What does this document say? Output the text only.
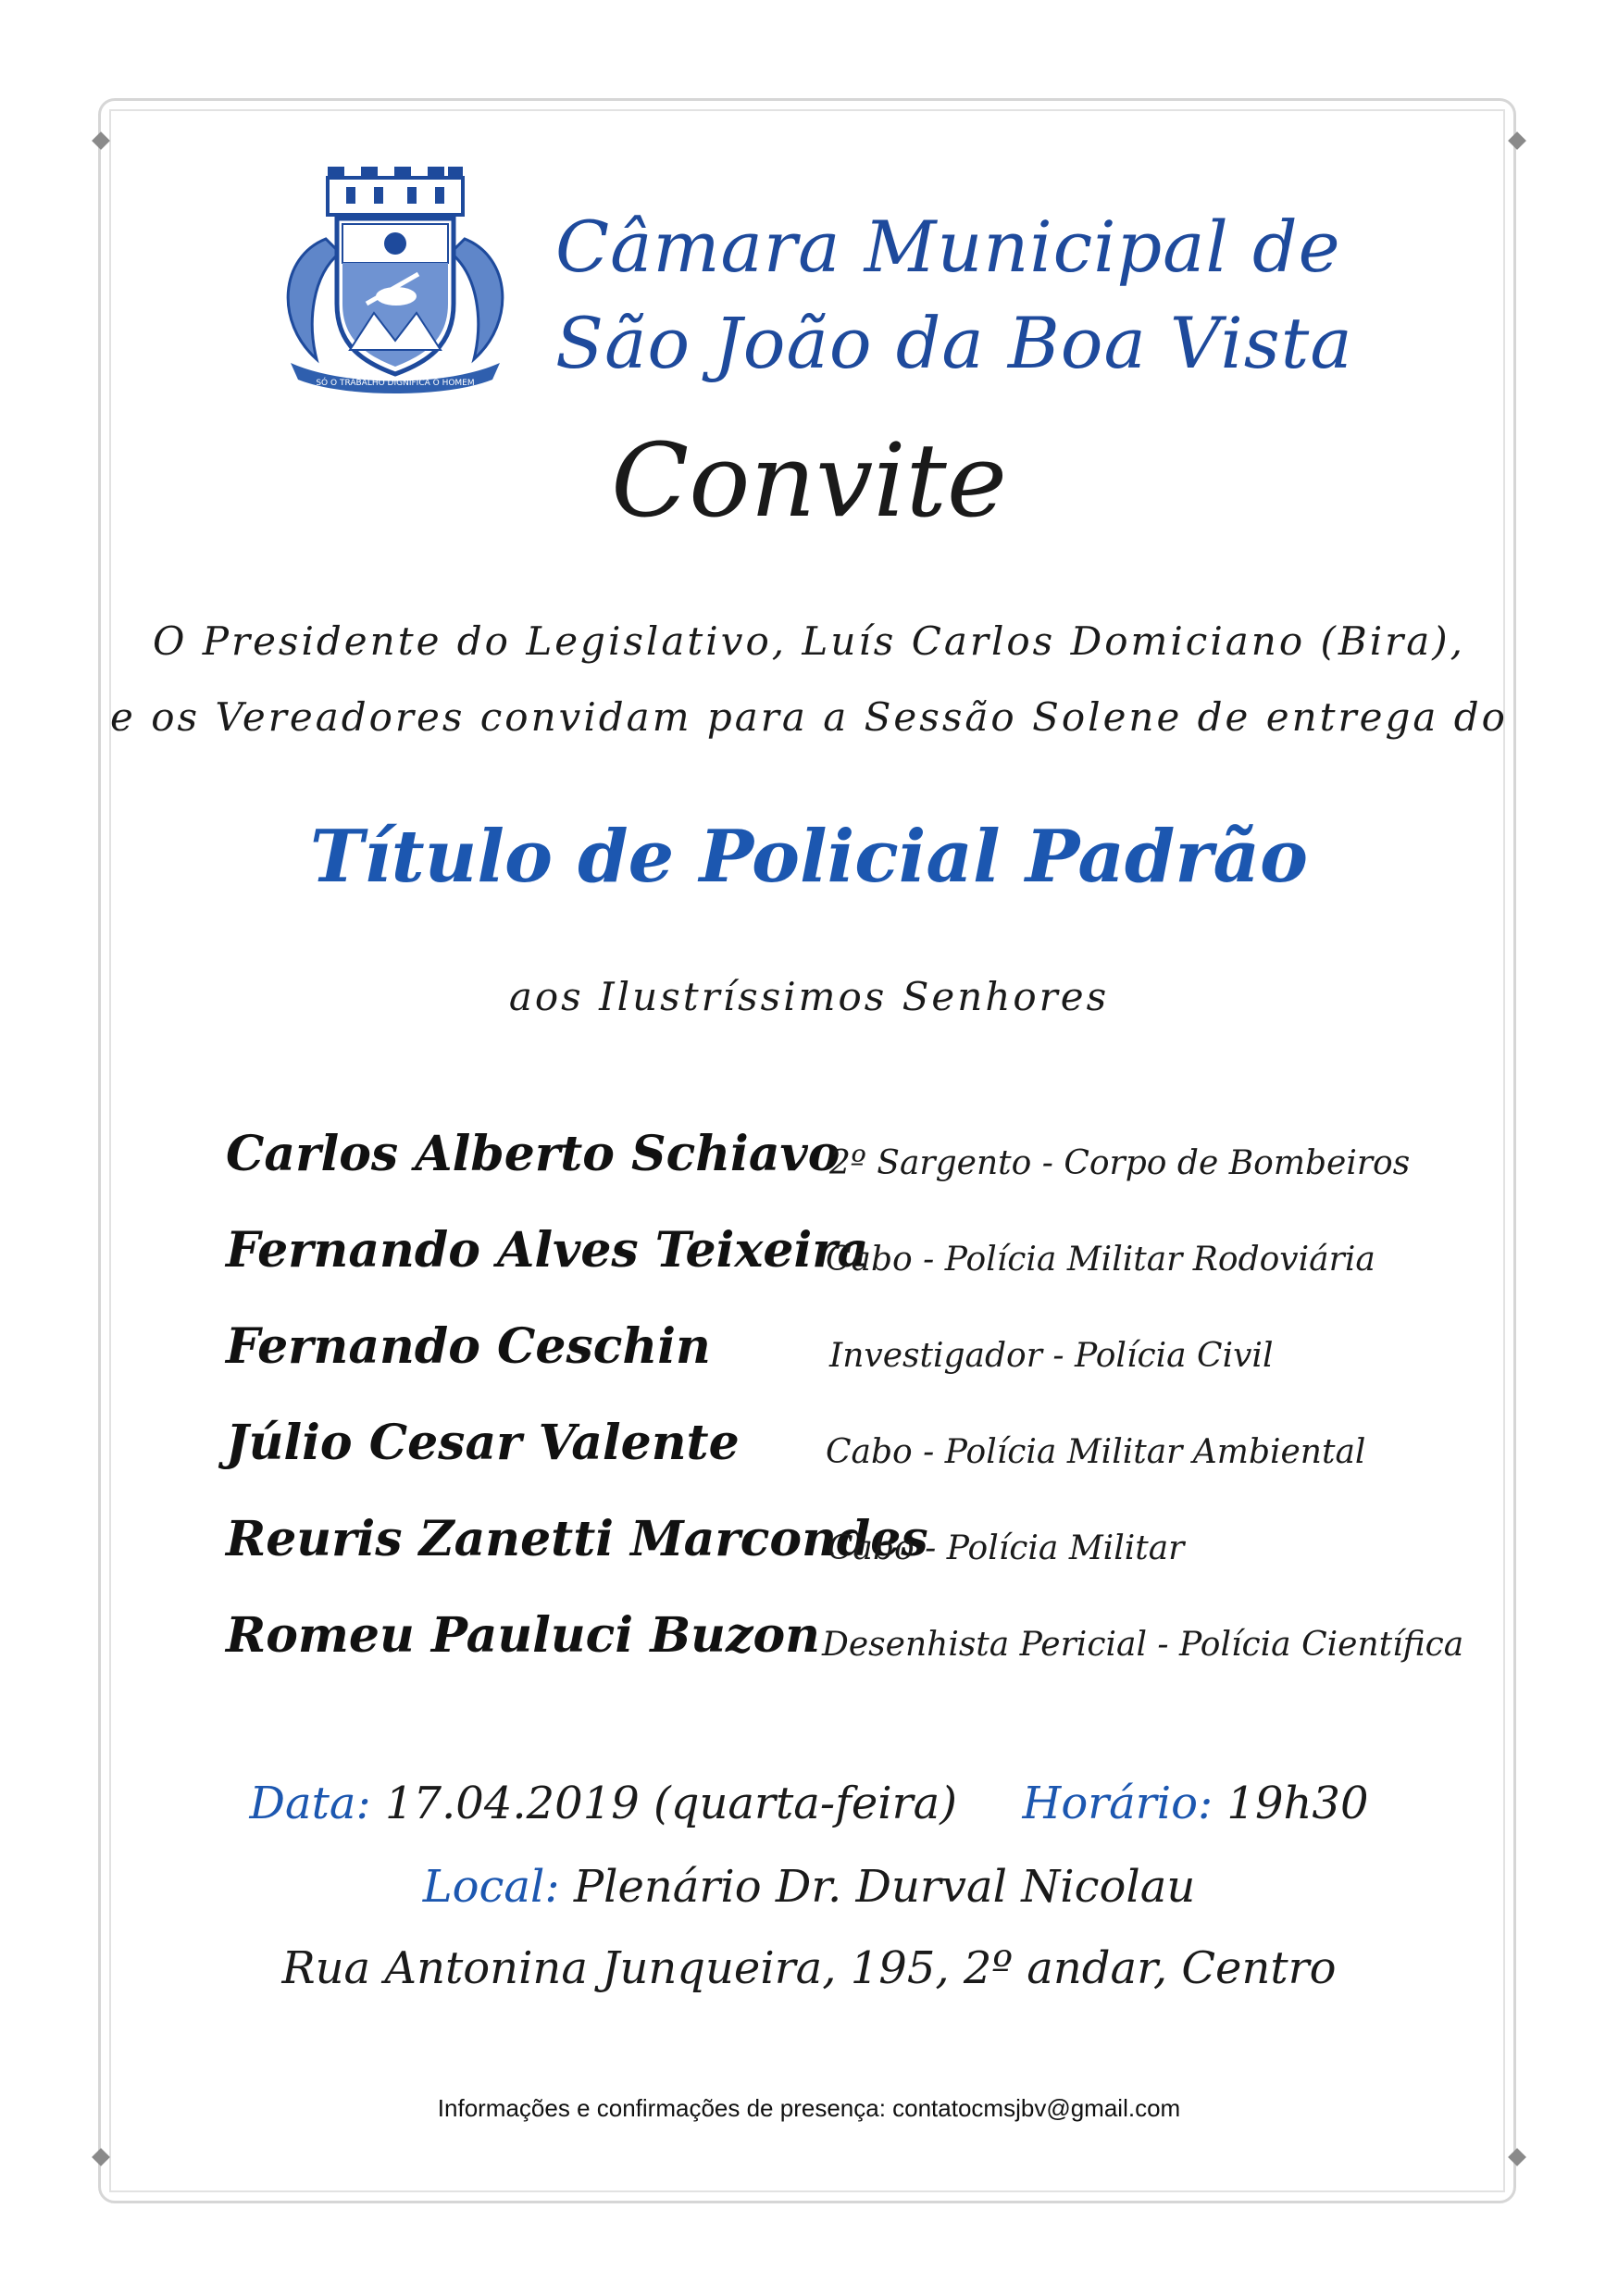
SÓ O TRABALHO DIGNIFICA O HOMEM
Câmara Municipal de
São João da Boa Vista
Convite
O Presidente do Legislativo, Luís Carlos Domiciano (Bira),
e os Vereadores convidam para a Sessão Solene de entrega do
Título de Policial Padrão
aos Ilustríssimos Senhores
Carlos Alberto Schiavo
2º Sargento - Corpo de Bombeiros
Fernando Alves Teixeira
Cabo - Polícia Militar Rodoviária
Fernando Ceschin	Investigador - Polícia Civil
Júlio Cesar Valente	Cabo - Polícia Militar Ambiental
Reuris Zanetti Marcondes
Cabo - Polícia Militar
Romeu Pauluci Buzon Desenhista Pericial - Polícia Científica
Data: 17.04.2019 (quarta-feira) Horário: 19h30
Local: Plenário Dr. Durval Nicolau
Rua Antonina Junqueira, 195, 2º andar, Centro
Informações e confirmações de presença: contatocmsjbv@gmail.com
